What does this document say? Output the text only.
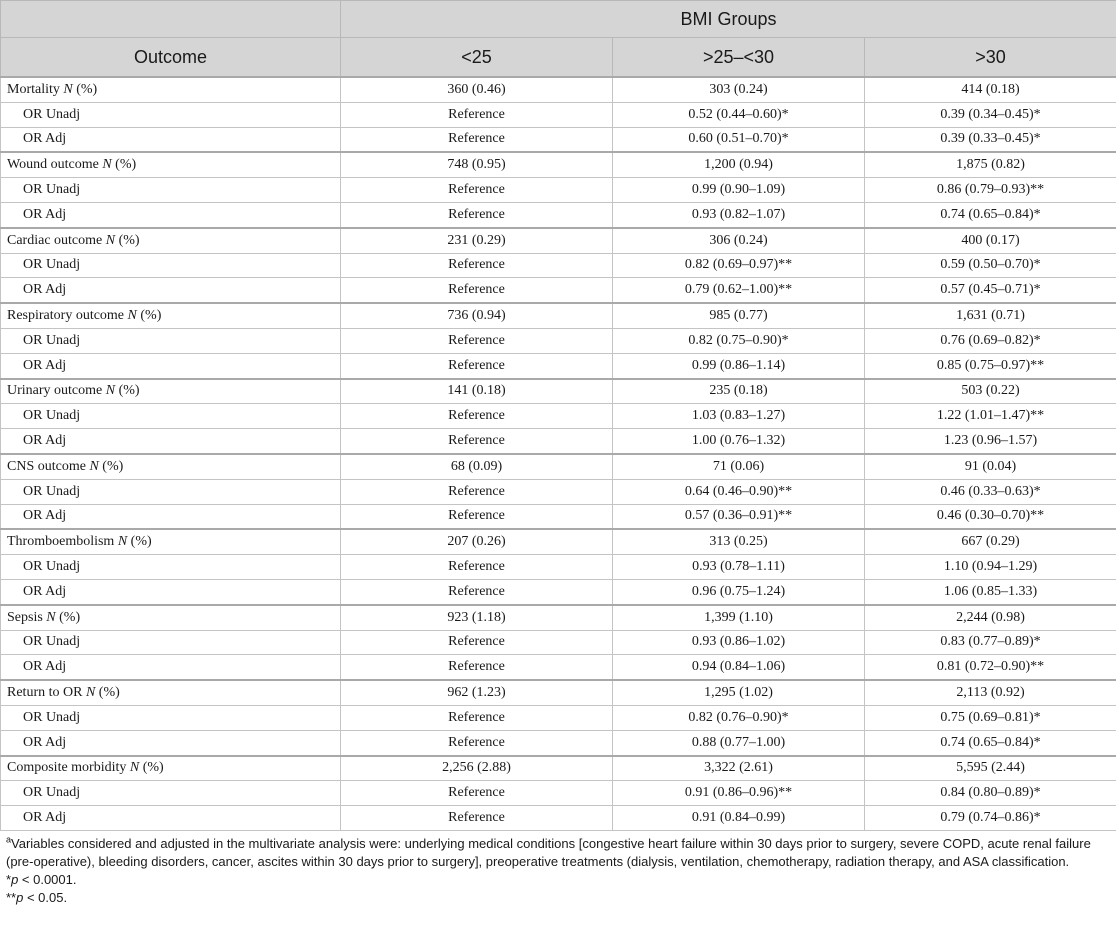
	BMI Groups		
Outcome	<25	>25–<30	>30
Mortality N (%)	360 (0.46)	303 (0.24)	414 (0.18)
OR Unadj	Reference	0.52 (0.44–0.60)*	0.39 (0.34–0.45)*
OR Adj	Reference	0.60 (0.51–0.70)*	0.39 (0.33–0.45)*
Wound outcome N (%)	748 (0.95)	1,200 (0.94)	1,875 (0.82)
OR Unadj	Reference	0.99 (0.90–1.09)	0.86 (0.79–0.93)**
OR Adj	Reference	0.93 (0.82–1.07)	0.74 (0.65–0.84)*
Cardiac outcome N (%)	231 (0.29)	306 (0.24)	400 (0.17)
OR Unadj	Reference	0.82 (0.69–0.97)**	0.59 (0.50–0.70)*
OR Adj	Reference	0.79 (0.62–1.00)**	0.57 (0.45–0.71)*
Respiratory outcome N (%)	736 (0.94)	985 (0.77)	1,631 (0.71)
OR Unadj	Reference	0.82 (0.75–0.90)*	0.76 (0.69–0.82)*
OR Adj	Reference	0.99 (0.86–1.14)	0.85 (0.75–0.97)**
Urinary outcome N (%)	141 (0.18)	235 (0.18)	503 (0.22)
OR Unadj	Reference	1.03 (0.83–1.27)	1.22 (1.01–1.47)**
OR Adj	Reference	1.00 (0.76–1.32)	1.23 (0.96–1.57)
CNS outcome N (%)	68 (0.09)	71 (0.06)	91 (0.04)
OR Unadj	Reference	0.64 (0.46–0.90)**	0.46 (0.33–0.63)*
OR Adj	Reference	0.57 (0.36–0.91)**	0.46 (0.30–0.70)**
Thromboembolism N (%)	207 (0.26)	313 (0.25)	667 (0.29)
OR Unadj	Reference	0.93 (0.78–1.11)	1.10 (0.94–1.29)
OR Adj	Reference	0.96 (0.75–1.24)	1.06 (0.85–1.33)
Sepsis N (%)	923 (1.18)	1,399 (1.10)	2,244 (0.98)
OR Unadj	Reference	0.93 (0.86–1.02)	0.83 (0.77–0.89)*
OR Adj	Reference	0.94 (0.84–1.06)	0.81 (0.72–0.90)**
Return to OR N (%)	962 (1.23)	1,295 (1.02)	2,113 (0.92)
OR Unadj	Reference	0.82 (0.76–0.90)*	0.75 (0.69–0.81)*
OR Adj	Reference	0.88 (0.77–1.00)	0.74 (0.65–0.84)*
Composite morbidity N (%)	2,256 (2.88)	3,322 (2.61)	5,595 (2.44)
OR Unadj	Reference	0.91 (0.86–0.96)**	0.84 (0.80–0.89)*
OR Adj	Reference	0.91 (0.84–0.99)	0.79 (0.74–0.86)*

$^a$Variables considered and adjusted in the multivariate analysis were: underlying medical conditions [congestive heart failure within 30 days prior to surgery, severe COPD, acute renal failure (pre-operative), bleeding disorders, cancer, ascites within 30 days prior to surgery], preoperative treatments (dialysis, ventilation, chemotherapy, radiation therapy, and ASA classification.

*p < 0.0001.

**p < 0.05.
